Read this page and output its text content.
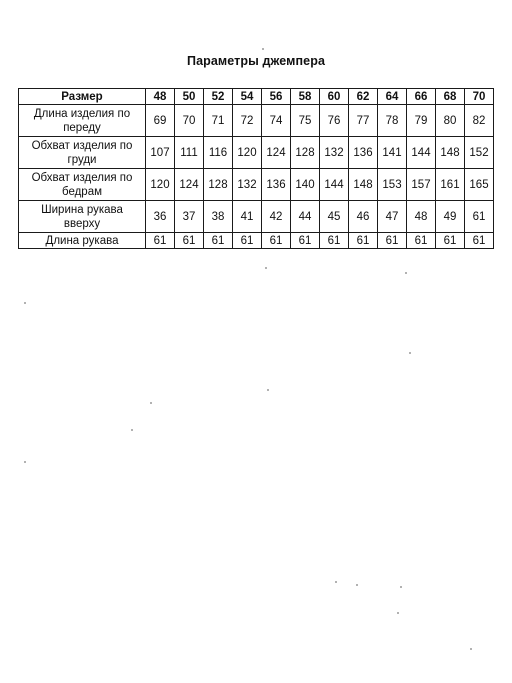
Параметры джемпера
Размер	48	50	52	54	56	58	60	62	64	66	68	70
Длина изделия по
переду	69	70	71	72	74	75	76	77	78	79	80	82
Обхват изделия по
груди	107	111	116	120	124	128	132	136	141	144	148	152
Обхват изделия по
бедрам	120	124	128	132	136	140	144	148	153	157	161	165
Ширина рукава
вверху	36	37	38	41	42	44	45	46	47	48	49	61
Длина рукава	61	61	61	61	61	61	61	61	61	61	61	61
